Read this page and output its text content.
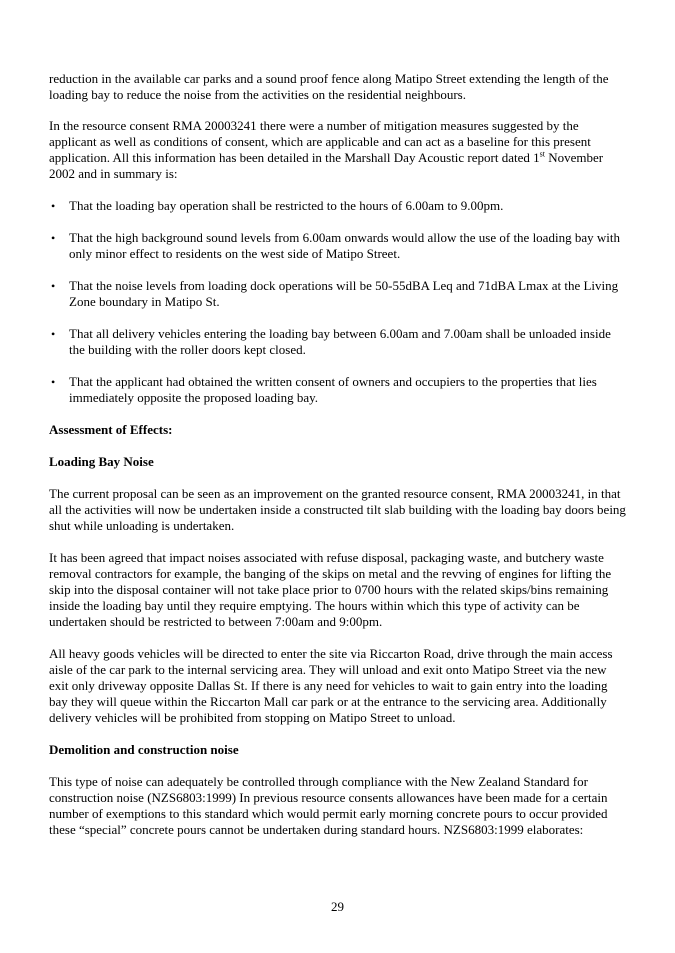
reduction in the available car parks and a sound proof fence along Matipo Street extending the length of the loading bay to reduce the noise from the activities on the residential neighbours.

In the resource consent RMA 20003241 there were a number of mitigation measures suggested by the applicant as well as conditions of consent, which are applicable and can act as a baseline for this present application. All this information has been detailed in the Marshall Day Acoustic report dated 1st November 2002 and in summary is:

• That the loading bay operation shall be restricted to the hours of 6.00am to 9.00pm.
• That the high background sound levels from 6.00am onwards would allow the use of the loading bay with only minor effect to residents on the west side of Matipo Street.
• That the noise levels from loading dock operations will be 50-55dBA Leq and 71dBA Lmax at the Living Zone boundary in Matipo St.
• That all delivery vehicles entering the loading bay between 6.00am and 7.00am shall be unloaded inside the building with the roller doors kept closed.
• That the applicant had obtained the written consent of owners and occupiers to the properties that lies immediately opposite the proposed loading bay.
Assessment of Effects:
Loading Bay Noise

The current proposal can be seen as an improvement on the granted resource consent, RMA 20003241, in that all the activities will now be undertaken inside a constructed tilt slab building with the loading bay doors being shut while unloading is undertaken.

It has been agreed that impact noises associated with refuse disposal, packaging waste, and butchery waste removal contractors for example, the banging of the skips on metal and the revving of engines for lifting the skip into the disposal container will not take place prior to 0700 hours with the related skips/bins remaining inside the loading bay until they require emptying. The hours within which this type of activity can be undertaken should be restricted to between 7:00am and 9:00pm.

All heavy goods vehicles will be directed to enter the site via Riccarton Road, drive through the main access aisle of the car park to the internal servicing area. They will unload and exit onto Matipo Street via the new exit only driveway opposite Dallas St. If there is any need for vehicles to wait to gain entry into the loading bay they will queue within the Riccarton Mall car park or at the entrance to the servicing area. Additionally delivery vehicles will be prohibited from stopping on Matipo Street to unload.

Demolition and construction noise

This type of noise can adequately be controlled through compliance with the New Zealand Standard for construction noise (NZS6803:1999) In previous resource consents allowances have been made for a certain number of exemptions to this standard which would permit early morning concrete pours to occur provided these “special” concrete pours cannot be undertaken during standard hours. NZS6803:1999 elaborates:

29
